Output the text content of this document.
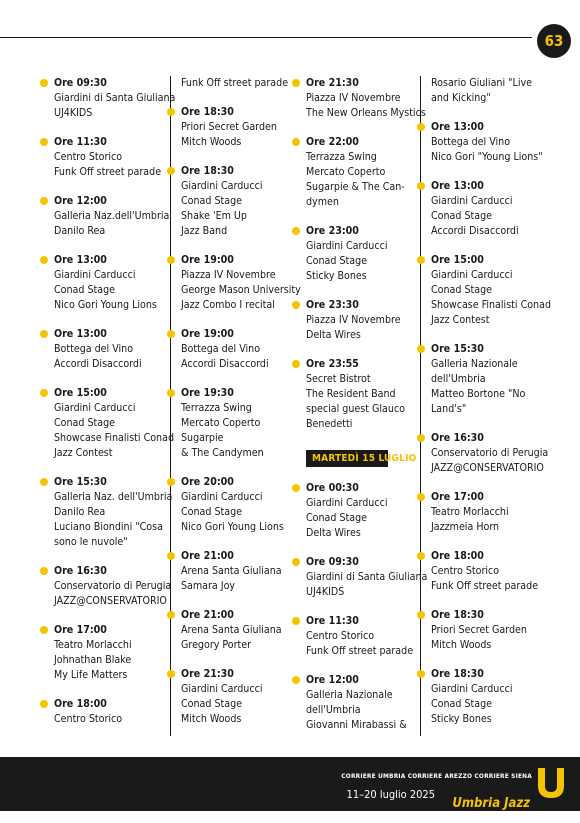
63
Ore 09:30
Giardini di Santa Giuliana
UJ4KIDS
Ore 11:30
Centro Storico
Funk Off street parade
Ore 12:00
Galleria Naz.dell'Umbria
Danilo Rea
Ore 13:00
Giardini Carducci
Conad Stage
Nico Gori Young Lions
Ore 13:00
Bottega del Vino
Accordi Disaccordi
Ore 15:00
Giardini Carducci
Conad Stage
Showcase Finalisti Conad
Jazz Contest
Ore 15:30
Galleria Naz. dell'Umbria
Danilo Rea
Luciano Biondini "Cosa
sono le nuvole"
Ore 16:30
Conservatorio di Perugia
JAZZ@CONSERVATORIO
Ore 17:00
Teatro Morlacchi
Johnathan Blake
My Life Matters
Ore 18:00
Centro Storico
Funk Off street parade
Ore 18:30
Priori Secret Garden
Mitch Woods
Ore 18:30
Giardini Carducci
Conad Stage
Shake 'Em Up
Jazz Band
Ore 19:00
Piazza IV Novembre
George Mason University
Jazz Combo I recital
Ore 19:00
Bottega del Vino
Accordi Disaccordi
Ore 19:30
Terrazza Swing
Mercato Coperto
Sugarpie
& The Candymen
Ore 20:00
Giardini Carducci
Conad Stage
Nico Gori Young Lions
Ore 21:00
Arena Santa Giuliana
Samara Joy
Ore 21:00
Arena Santa Giuliana
Gregory Porter
Ore 21:30
Giardini Carducci
Conad Stage
Mitch Woods
Ore 21:30
Piazza IV Novembre
The New Orleans Mystics
Ore 22:00
Terrazza Swing
Mercato Coperto
Sugarpie & The Can-
dymen
Ore 23:00
Giardini Carducci
Conad Stage
Sticky Bones
Ore 23:30
Piazza IV Novembre
Delta Wires
Ore 23:55
Secret Bistrot
The Resident Band
special guest Glauco
Benedetti
MARTEDÌ 15 LUGLIO
Ore 00:30
Giardini Carducci
Conad Stage
Delta Wires
Ore 09:30
Giardini di Santa Giuliana
UJ4KIDS
Ore 11:30
Centro Storico
Funk Off street parade
Ore 12:00
Galleria Nazionale
dell'Umbria
Giovanni Mirabassi &
Rosario Giuliani "Live
and Kicking"
Ore 13:00
Bottega del Vino
Nico Gori "Young Lions"
Ore 13:00
Giardini Carducci
Conad Stage
Accordi Disaccordi
Ore 15:00
Giardini Carducci
Conad Stage
Showcase Finalisti Conad
Jazz Contest
Ore 15:30
Galleria Nazionale
dell'Umbria
Matteo Bortone "No
Land's"
Ore 16:30
Conservatorio di Perugia
JAZZ@CONSERVATORIO
Ore 17:00
Teatro Morlacchi
Jazzmeia Horn
Ore 18:00
Centro Storico
Funk Off street parade
Ore 18:30
Priori Secret Garden
Mitch Woods
Ore 18:30
Giardini Carducci
Conad Stage
Sticky Bones
CORRIERE UMBRIA CORRIERE AREZZO CORRIERE SIENA
11–20 luglio 2025
Umbria Jazz
